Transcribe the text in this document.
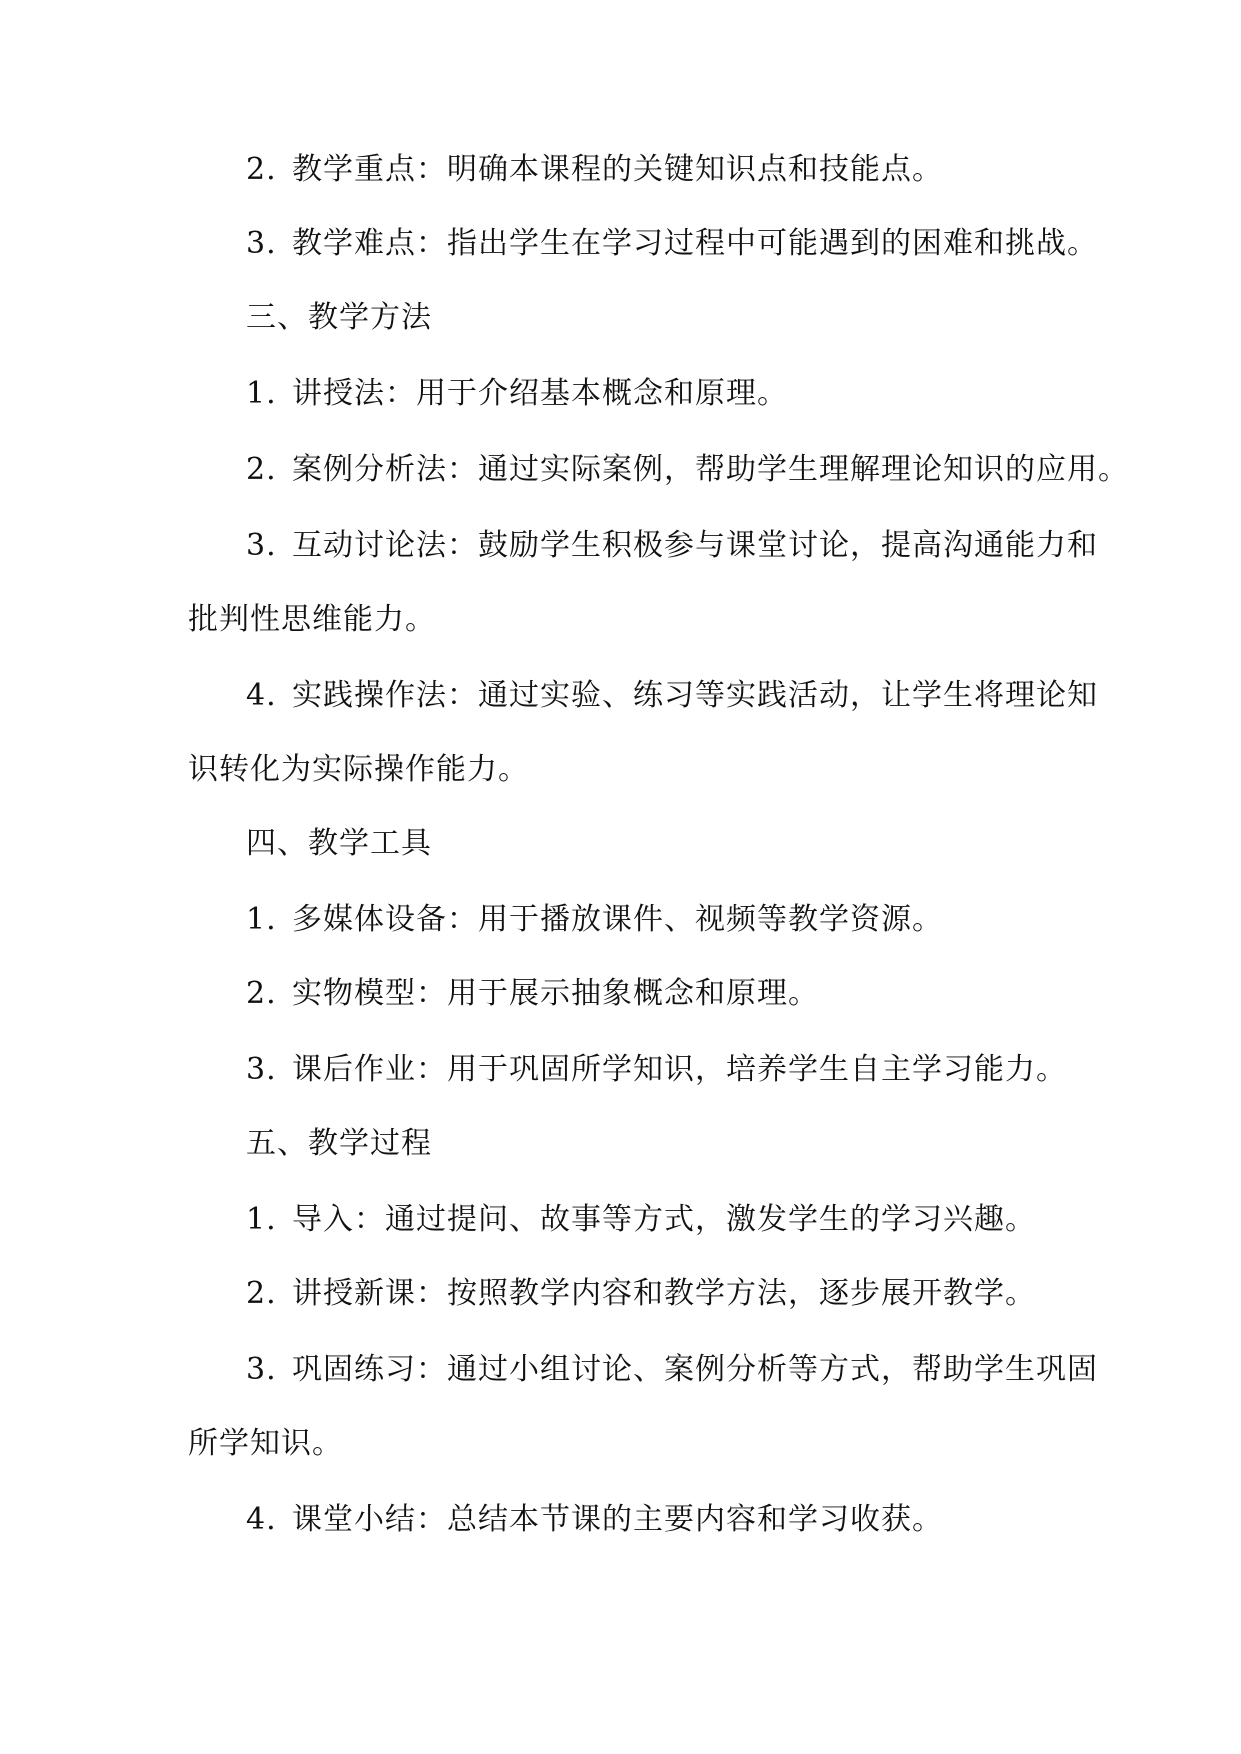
2. 教学重点：明确本课程的关键知识点和技能点。
3. 教学难点：指出学生在学习过程中可能遇到的困难和挑战。
三、教学方法
1. 讲授法：用于介绍基本概念和原理。
2. 案例分析法：通过实际案例，帮助学生理解理论知识的应用。
3. 互动讨论法：鼓励学生积极参与课堂讨论，提高沟通能力和
批判性思维能力。
4. 实践操作法：通过实验、练习等实践活动，让学生将理论知
识转化为实际操作能力。
四、教学工具
1. 多媒体设备：用于播放课件、视频等教学资源。
2. 实物模型：用于展示抽象概念和原理。
3. 课后作业：用于巩固所学知识，培养学生自主学习能力。
五、教学过程
1. 导入：通过提问、故事等方式，激发学生的学习兴趣。
2. 讲授新课：按照教学内容和教学方法，逐步展开教学。
3. 巩固练习：通过小组讨论、案例分析等方式，帮助学生巩固
所学知识。
4. 课堂小结：总结本节课的主要内容和学习收获。
